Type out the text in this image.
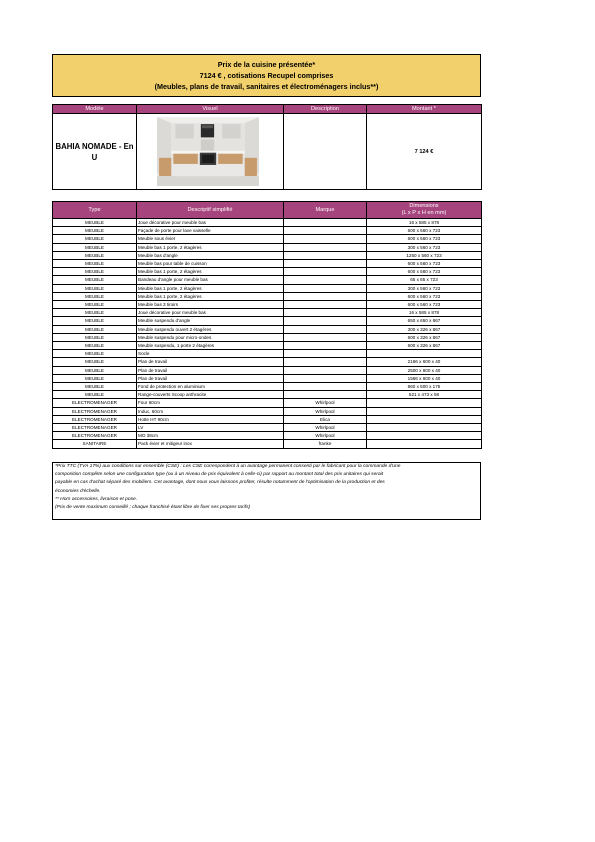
Prix de la cuisine présentée*
7124 € , cotisations Recupel comprises
(Meubles, plans de travail, sanitaires et électroménagers inclus**)
Modèle	Visuel	Description	Montant *
BAHIA NOMADE - En U			7 124 €
Type	Descriptif simplifié	Marque	Dimensions
(L x P x H en mm)

MEUBLE	Joue décorative pour meuble bas		16 x 585 x 878
MEUBLE	Façade de porte pour lave vaisselle		600 x 560 x 723
MEUBLE	Meuble sous évier		600 x 560 x 723
MEUBLE	Meuble bas 1 porte, 2 étagères		300 x 560 x 723
MEUBLE	Meuble bas d'angle		1250 x 560 x 723
MEUBLE	Meuble bas pour table de cuisson		600 x 560 x 723
MEUBLE	Meuble bas 1 porte, 2 étagères		600 x 560 x 723
MEUBLE	Bandeau d'angle pour meuble bas		65 x 65 x 723
MEUBLE	Meuble bas 1 porte, 2 étagères		300 x 560 x 723
MEUBLE	Meuble bas 1 porte, 2 étagères		600 x 560 x 723
MEUBLE	Meuble bas 3 tiroirs		600 x 560 x 723
MEUBLE	Joue décorative pour meuble bas		16 x 585 x 878
MEUBLE	Meuble suspendu d'angle		650 x 650 x 867
MEUBLE	Meuble suspendu ouvert 2 étagères		300 x 326 x 867
MEUBLE	Meuble suspendu pour micro-ondes		600 x 326 x 867
MEUBLE	Meuble suspendu, 1 porte 2 étagères		600 x 326 x 867
MEUBLE	Socle		
MEUBLE	Plan de travail		2166 x 600 x 40
MEUBLE	Plan de travail		2500 x 600 x 40
MEUBLE	Plan de travail		1566 x 600 x 40
MEUBLE	Fond de protection en aluminium		860 x 500 x 175
MEUBLE	Range-couverts Scoop anthracite		521 x 473 x 58
ELECTROMENAGER	Four 60cm	Whirlpool	
ELECTROMENAGER	Induc. 60cm	Whirlpool	
ELECTROMENAGER	Hotte HT 90cm	Elica	
ELECTROMENAGER	LV	Whirlpool	
ELECTROMENAGER	MO 38cm	Whirlpool	
SANITAIRE	Pack évier et mitigeur inox	franke	
*Prix TTC (TVA 17%) aux conditions sur ensemble (CSE) : Les CSE correspondent à un avantage permanent consenti par le fabricant pour la commande d'une
composition complète selon une configuration type (ou à un niveau de prix équivalent à celle-ci) par rapport au montant total des prix unitaires qui serait
payable en cas d'achat séparé des mobiliers. Cet avantage, dont nous vous laissons profiter, résulte notamment de l'optimisation de la production et des
économies d'échelle.
** Hors accessoires, livraison et pose.
(Prix de vente maximum conseillé ; chaque franchisé étant libre de fixer ses propres tarifs)
